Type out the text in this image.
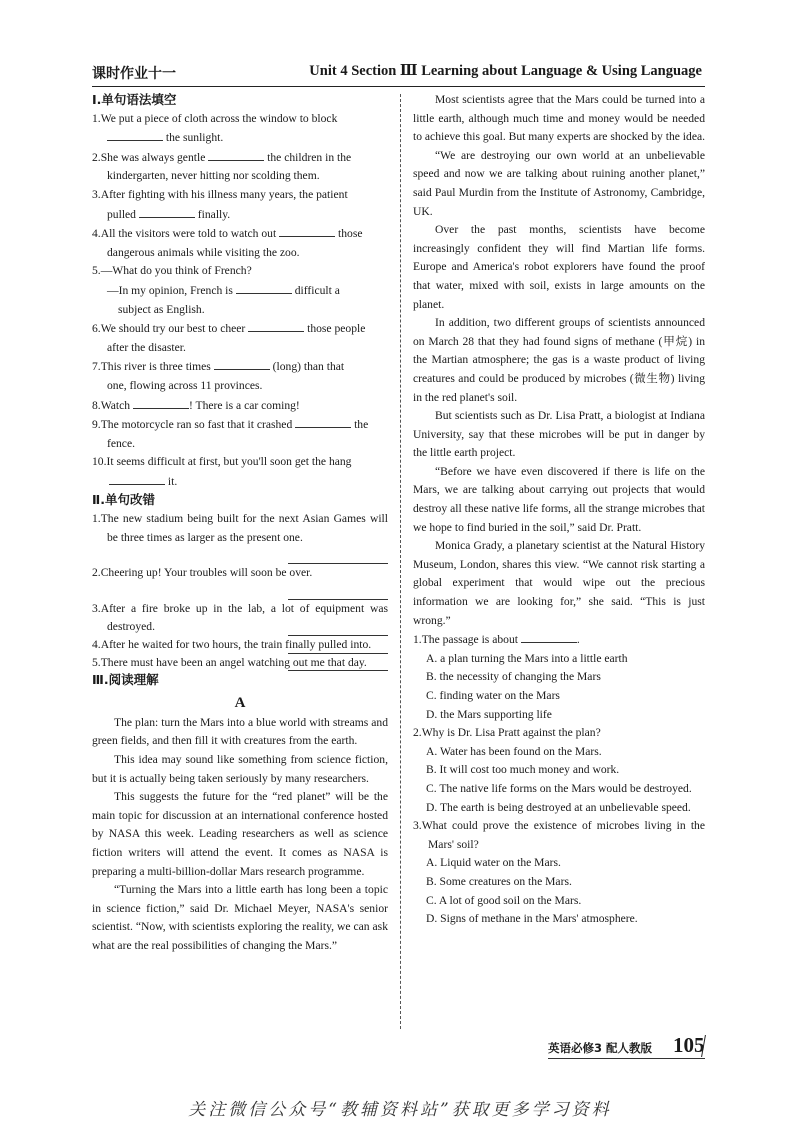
课时作业十一	Unit 4 Section Ⅲ Learning about Language & Using Language
Ⅰ.单句语法填空
1.We put a piece of cloth across the window to block
the sunlight.
2.She was always gentle	the children in the
kindergarten, never hitting nor scolding them.
3.After fighting with his illness many years, the patient
pulled	finally.
4.All the visitors were told to watch out	those
dangerous animals while visiting the zoo.
5.—What do you think of French?
—In my opinion, French is	difficult a
subject as English.
6.We should try our best to cheer	those people
after the disaster.
7.This river is three times	(long) than that
one, flowing across 11 provinces.
8.Watch	! There is a car coming!
9.The motorcycle ran so fast that it crashed	the
fence.
10.It seems difficult at first, but you'll soon get the hang
it.
Ⅱ.单句改错
1.The new stadium being built for the next Asian Games will be three times as larger as the present one.
2.Cheering up! Your troubles will soon be over.
3.After a fire broke up in the lab, a lot of equipment was destroyed.
4.After he waited for two hours, the train finally pulled into.
5.There must have been an angel watching out me that day.
Ⅲ.阅读理解
A
The plan: turn the Mars into a blue world with streams and green fields, and then fill it with creatures from the earth.
This idea may sound like something from science fiction, but it is actually being taken seriously by many researchers.
This suggests the future for the “red planet” will be the main topic for discussion at an international conference hosted by NASA this week. Leading researchers as well as science fiction writers will attend the event. It comes as NASA is preparing a multi-billion-dollar Mars research programme.
“Turning the Mars into a little earth has long been a topic in science fiction,” said Dr. Michael Meyer, NASA's senior scientist. “Now, with scientists exploring the reality, we can ask what are the real possibilities of changing the Mars.”
Most scientists agree that the Mars could be turned into a little earth, although much time and money would be needed to achieve this goal. But many experts are shocked by the idea.
“We are destroying our own world at an unbelievable speed and now we are talking about ruining another planet,” said Paul Murdin from the Institute of Astronomy, Cambridge, UK.
Over the past months, scientists have become increasingly confident they will find Martian life forms. Europe and America's robot explorers have found the proof that water, mixed with soil, exists in large amounts on the planet.
In addition, two different groups of scientists announced on March 28 that they had found signs of methane (甲烷) in the Martian atmosphere; the gas is a waste product of living creatures and could be produced by microbes (微生物) living in the red planet's soil.
But scientists such as Dr. Lisa Pratt, a biologist at Indiana University, say that these microbes will be put in danger by the little earth project.
“Before we have even discovered if there is life on the Mars, we are talking about carrying out projects that would destroy all these native life forms, all the strange microbes that we hope to find buried in the soil,” said Dr. Pratt.
Monica Grady, a planetary scientist at the Natural History Museum, London, shares this view. “We cannot risk starting a global experiment that would wipe out the precious information we are looking for,” she said. “This is just wrong.”
1.The passage is about	.
A. a plan turning the Mars into a little earth
B. the necessity of changing the Mars
C. finding water on the Mars
D. the Mars supporting life
2.Why is Dr. Lisa Pratt against the plan?
A. Water has been found on the Mars.
B. It will cost too much money and work.
C. The native life forms on the Mars would be destroyed.
D. The earth is being destroyed at an unbelievable speed.
3.What could prove the existence of microbes living in the Mars' soil?
A. Liquid water on the Mars.
B. Some creatures on the Mars.
C. A lot of good soil on the Mars.
D. Signs of methane in the Mars' atmosphere.
英语必修3 配人教版 105
关注微信公众号“教辅资料站”获取更多学习资料
